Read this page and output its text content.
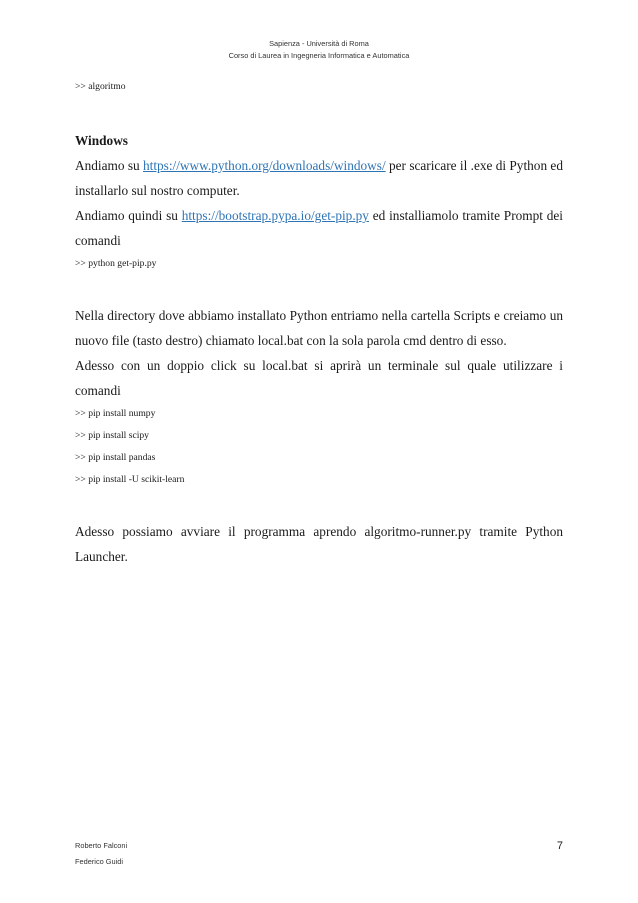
Sapienza - Università di Roma
Corso di Laurea in Ingegneria Informatica e Automatica
>> algoritmo
Windows
Andiamo su https://www.python.org/downloads/windows/ per scaricare il .exe di Python ed installarlo sul nostro computer.
Andiamo quindi su https://bootstrap.pypa.io/get-pip.py ed installiamolo tramite Prompt dei comandi
>> python get-pip.py
Nella directory dove abbiamo installato Python entriamo nella cartella Scripts e creiamo un nuovo file (tasto destro) chiamato local.bat con la sola parola cmd dentro di esso.
Adesso con un doppio click su local.bat si aprirà un terminale sul quale utilizzare i comandi
>> pip install numpy
>> pip install scipy
>> pip install pandas
>> pip install -U scikit-learn
Adesso possiamo avviare il programma aprendo algoritmo-runner.py tramite Python Launcher.
Roberto Falconi
Federico Guidi
7
